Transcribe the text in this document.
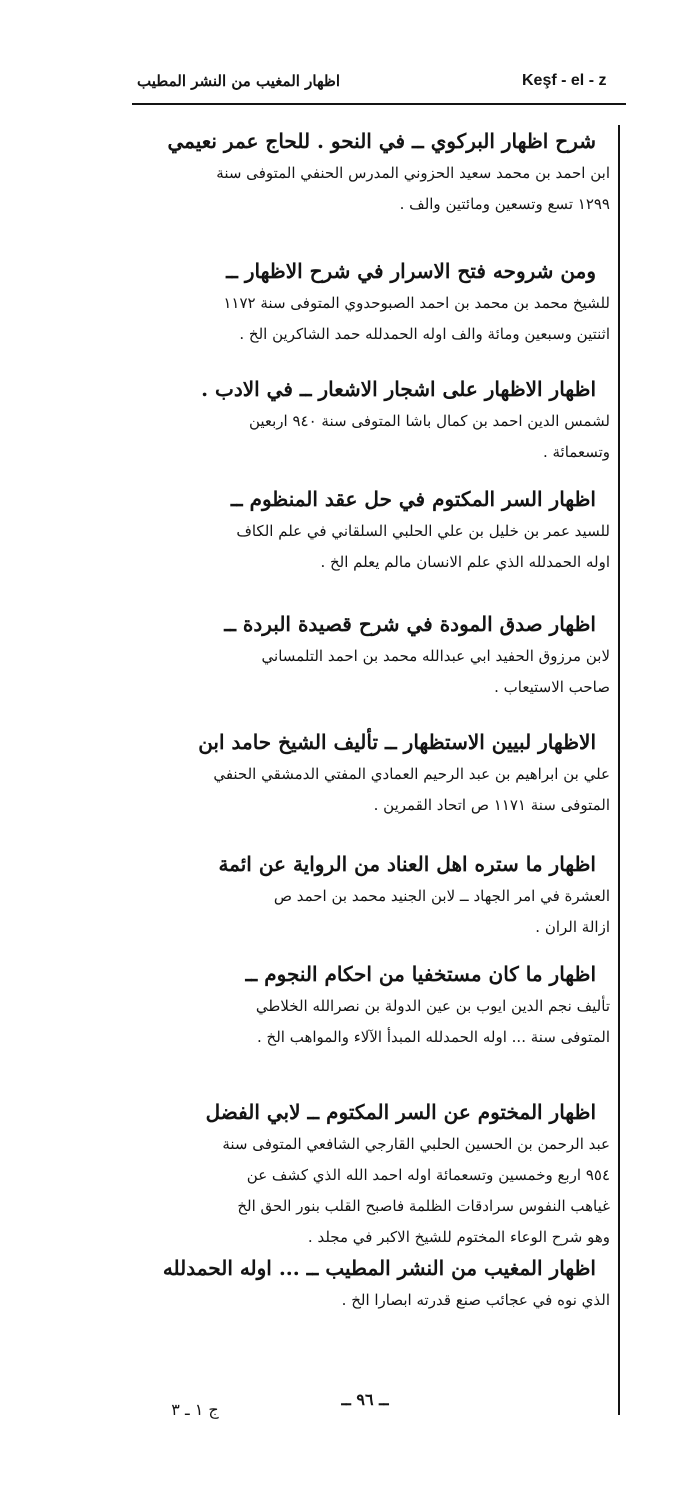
Keşf - el - z
اظهار المغيب من النشر المطيب
شرح اظهار البركوي ــ في النحو . للحاج عمر نعيمي
ابن احمد بن محمد سعيد الحزوني المدرس الحنفي المتوفى سنة
١٢٩٩ تسع وتسعين ومائتين والف .
ومن شروحه فتح الاسرار في شرح الاظهار ــ
للشيخ محمد بن محمد بن احمد الصبوحدوي المتوفى سنة ١١٧٢
اثنتين وسبعين ومائة والف اوله الحمدلله حمد الشاكرين الخ .
اظهار الاظهار على اشجار الاشعار ــ في الادب .
لشمس الدين احمد بن كمال باشا المتوفى سنة ٩٤٠ اربعين
وتسعمائة .
اظهار السر المكتوم في حل عقد المنظوم ــ
للسيد عمر بن خليل بن علي الحلبي السلقاني في علم الكاف
اوله الحمدلله الذي علم الانسان مالم يعلم الخ .
اظهار صدق المودة في شرح قصيدة البردة ــ
لابن مرزوق الحفيد ابي عبدالله محمد بن احمد التلمساني
صاحب الاستيعاب .
الاظهار لبيين الاستظهار ــ تأليف الشيخ حامد ابن
علي بن ابراهيم بن عبد الرحيم العمادي المفتي الدمشقي الحنفي
المتوفى سنة ١١٧١ ص اتحاد القمرين .
اظهار ما ستره اهل العناد من الرواية عن ائمة
العشرة في امر الجهاد ــ لابن الجنيد محمد بن احمد ص
ازالة الران .
اظهار ما كان مستخفيا من احكام النجوم ــ
تأليف نجم الدين ايوب بن عين الدولة بن نصرالله الخلاطي
المتوفى سنة ... اوله الحمدلله المبدأ الآلاء والمواهب الخ .
اظهار المختوم عن السر المكتوم ــ لابي الفضل
عبد الرحمن بن الحسين الحلبي القارجي الشافعي المتوفى سنة
٩٥٤ اربع وخمسين وتسعمائة اوله احمد الله الذي كشف عن
غياهب النفوس سرادقات الظلمة فاصبح القلب بنور الحق الخ
وهو شرح الوعاء المختوم للشيخ الاكبر في مجلد .
اظهار المغيب من النشر المطيب ــ ... اوله الحمدلله
الذي نوه في عجائب صنع قدرته ابصارا الخ .
ــ ٩٦ ــ
ج ١ ـ ٣
